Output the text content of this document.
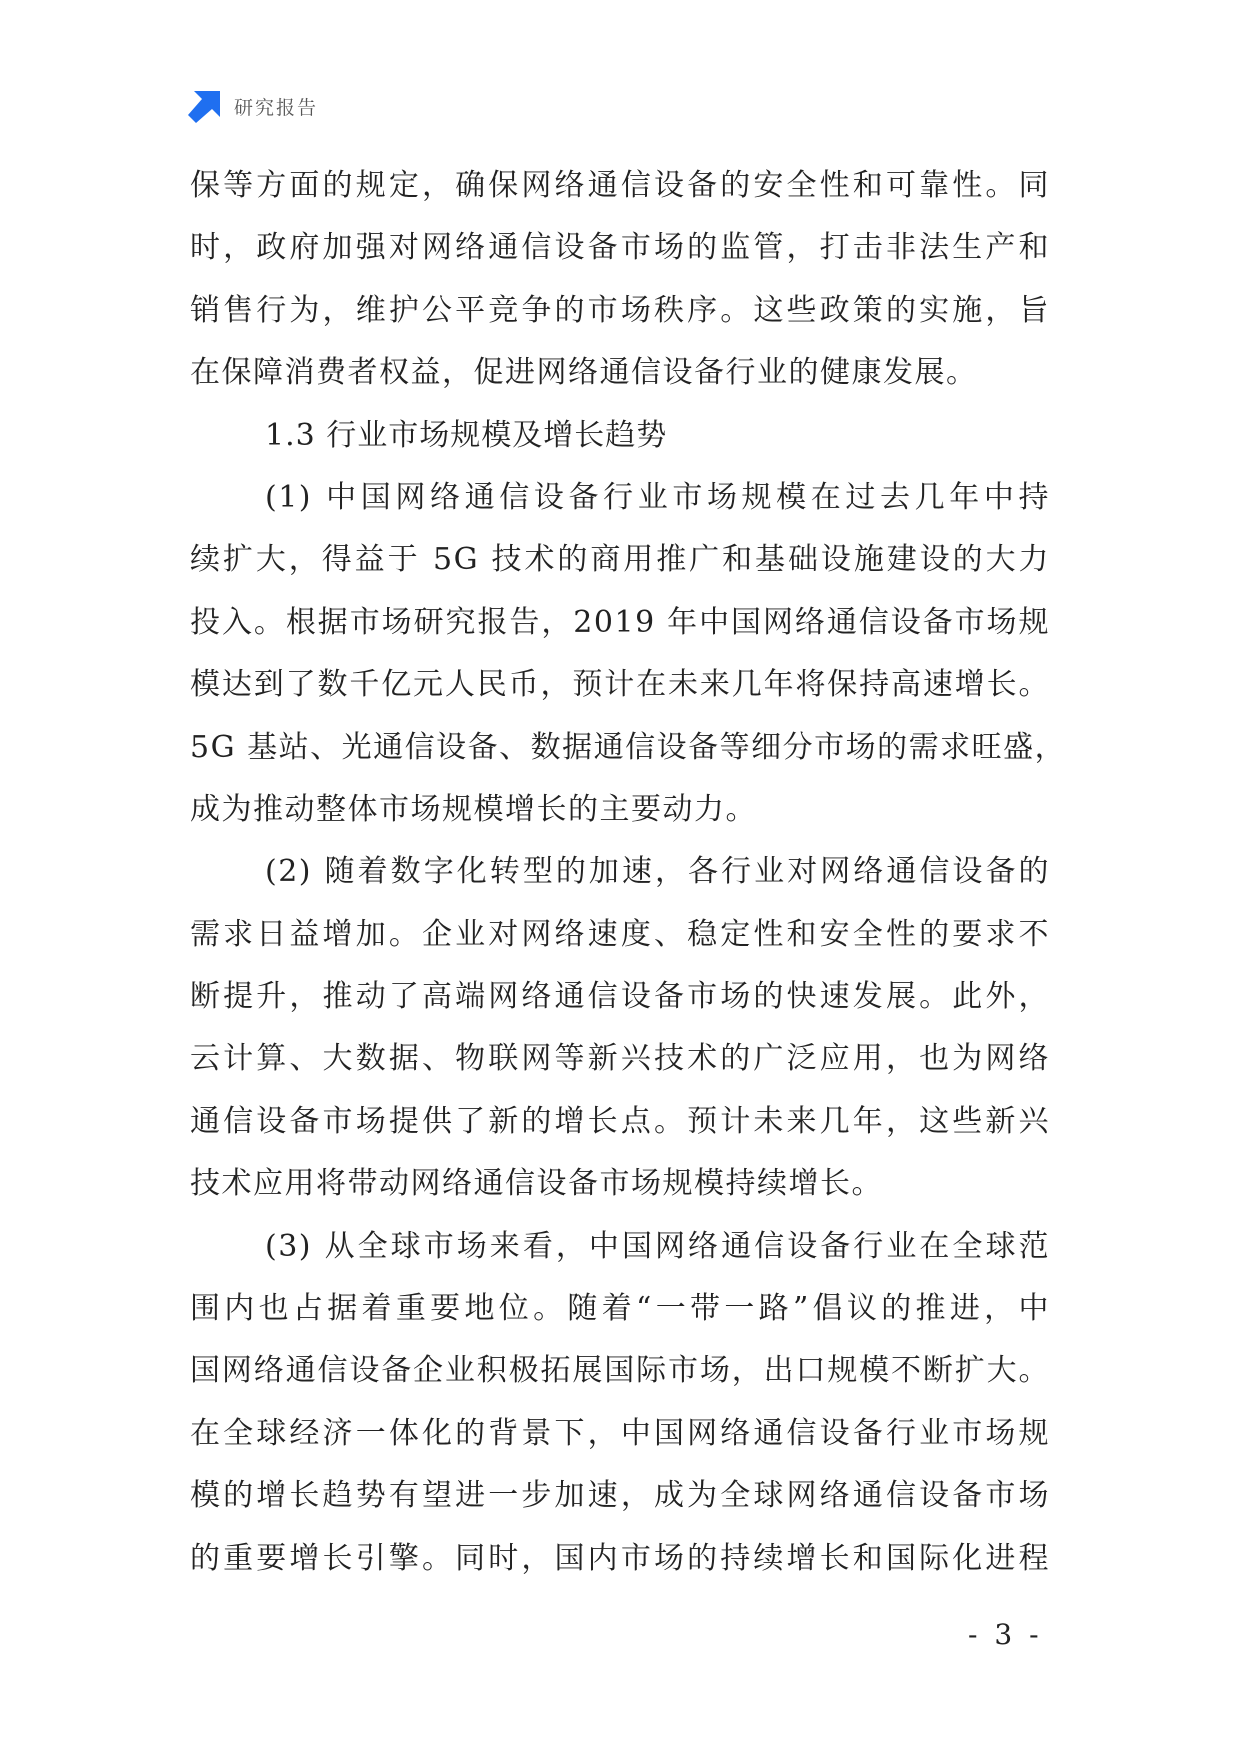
研究报告
保等方面的规定，确保网络通信设备的安全性和可靠性。同
时，政府加强对网络通信设备市场的监管，打击非法生产和
销售行为，维护公平竞争的市场秩序。这些政策的实施，旨
在保障消费者权益，促进网络通信设备行业的健康发展。
1.3 行业市场规模及增长趋势
(1) 中国网络通信设备行业市场规模在过去几年中持
续扩大，得益于 5G 技术的商用推广和基础设施建设的大力
投入。根据市场研究报告，2019 年中国网络通信设备市场规
模达到了数千亿元人民币，预计在未来几年将保持高速增长。
5G 基站、光通信设备、数据通信设备等细分市场的需求旺盛，
成为推动整体市场规模增长的主要动力。
(2) 随着数字化转型的加速，各行业对网络通信设备的
需求日益增加。企业对网络速度、稳定性和安全性的要求不
断提升，推动了高端网络通信设备市场的快速发展。此外，
云计算、大数据、物联网等新兴技术的广泛应用，也为网络
通信设备市场提供了新的增长点。预计未来几年，这些新兴
技术应用将带动网络通信设备市场规模持续增长。
(3) 从全球市场来看，中国网络通信设备行业在全球范
围内也占据着重要地位。随着“一带一路”倡议的推进，中
国网络通信设备企业积极拓展国际市场，出口规模不断扩大。
在全球经济一体化的背景下，中国网络通信设备行业市场规
模的增长趋势有望进一步加速，成为全球网络通信设备市场
的重要增长引擎。同时，国内市场的持续增长和国际化进程
- 3 -
